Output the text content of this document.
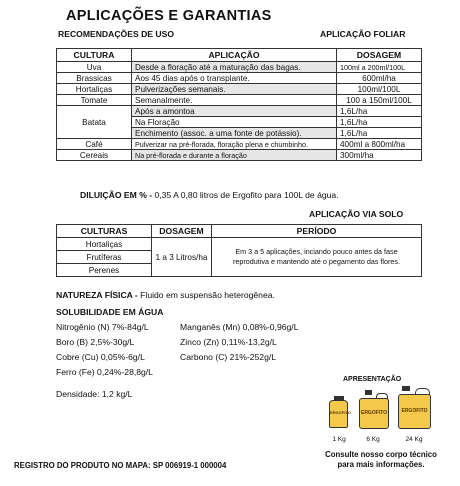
APLICAÇÕES E GARANTIAS
RECOMENDAÇÕES DE USO	APLICAÇÃO FOLIAR
CULTURA	APLICAÇÃO	DOSAGEM
Uva	Desde a floração até a maturação das bagas.	100ml a 200ml/100L
Brassicas	Aos 45 dias após o transplante.	600ml/ha
Hortaliças	Pulverizações semanais.	100ml/100L
Tomate	Semanalmente.	100 a 150ml/100L
Batata	Após a amontoa	1,6L/ha
	Na Floração	1,6L/ha
	Enchimento (assoc. a uma fonte de potássio).	1,6L/ha
Café	Pulverizar na pré-florada, floração plena e chumbinho.	400ml a 800ml/ha
Cereais	Na pré-florada e durante a floração	300ml/ha
DILUIÇÃO EM % - 0,35 A 0,80 litros de Ergofito para 100L de água.
APLICAÇÃO VIA SOLO
CULTURAS	DOSAGEM	PERÍODO
Hortaliças	1 a 3 Litros/ha	Em 3 a 5 aplicações, inciando pouco antes da fase reprodutiva e mantendo até o pegamento das flores.
Frutíferas		
Perenes		
NATUREZA FÍSICA - Fluido em suspensão heterogênea.
SOLUBILIDADE EM ÁGUA
Nitrogênio (N) 7%-84g/L
Boro (B) 2,5%-30g/L
Cobre (Cu) 0,05%-6g/L
Ferro (Fe) 0,24%-28,8g/L
Manganês (Mn) 0,08%-0,96g/L
Zinco (Zn) 0,11%-13,2g/L
Carbono (C) 21%-252g/L
Densidade: 1,2 kg/L
APRESENTAÇÃO
ERGOFITO ERGOFITO	ERGOFITO
1 Kg	6 Kg	24 Kg
Consulte nosso corpo técnico
para mais informações.
REGISTRO DO PRODUTO NO MAPA: SP 006919-1 000004
